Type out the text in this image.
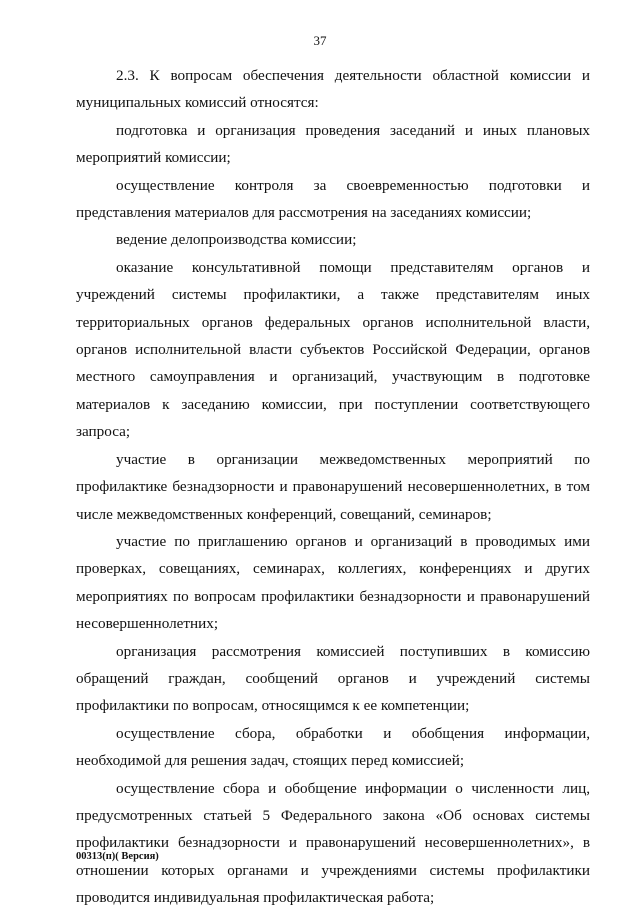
37

2.3. К вопросам обеспечения деятельности областной комиссии и муниципальных комиссий относятся:

подготовка и организация проведения заседаний и иных плановых мероприятий комиссии;

осуществление контроля за своевременностью подготовки и представления материалов для рассмотрения на заседаниях комиссии;

ведение делопроизводства комиссии;

оказание консультативной помощи представителям органов и учреждений системы профилактики, а также представителям иных территориальных органов федеральных органов исполнительной власти, органов исполнительной власти субъектов Российской Федерации, органов местного самоуправления и организаций, участвующим в подготовке материалов к заседанию комиссии, при поступлении соответствующего запроса;

участие в организации межведомственных мероприятий по профилактике безнадзорности и правонарушений несовершеннолетних, в том числе межведомственных конференций, совещаний, семинаров;

участие по приглашению органов и организаций в проводимых ими проверках, совещаниях, семинарах, коллегиях, конференциях и других мероприятиях по вопросам профилактики безнадзорности и правонарушений несовершеннолетних;

организация рассмотрения комиссией поступивших в комиссию обращений граждан, сообщений органов и учреждений системы профилактики по вопросам, относящимся к ее компетенции;

осуществление сбора, обработки и обобщения информации, необходимой для решения задач, стоящих перед комиссией;

осуществление сбора и обобщение информации о численности лиц, предусмотренных статьей 5 Федерального закона «Об основах системы профилактики безнадзорности и правонарушений несовершеннолетних», в отношении которых органами и учреждениями системы профилактики проводится индивидуальная профилактическая работа;

00313(п)( Версия)
